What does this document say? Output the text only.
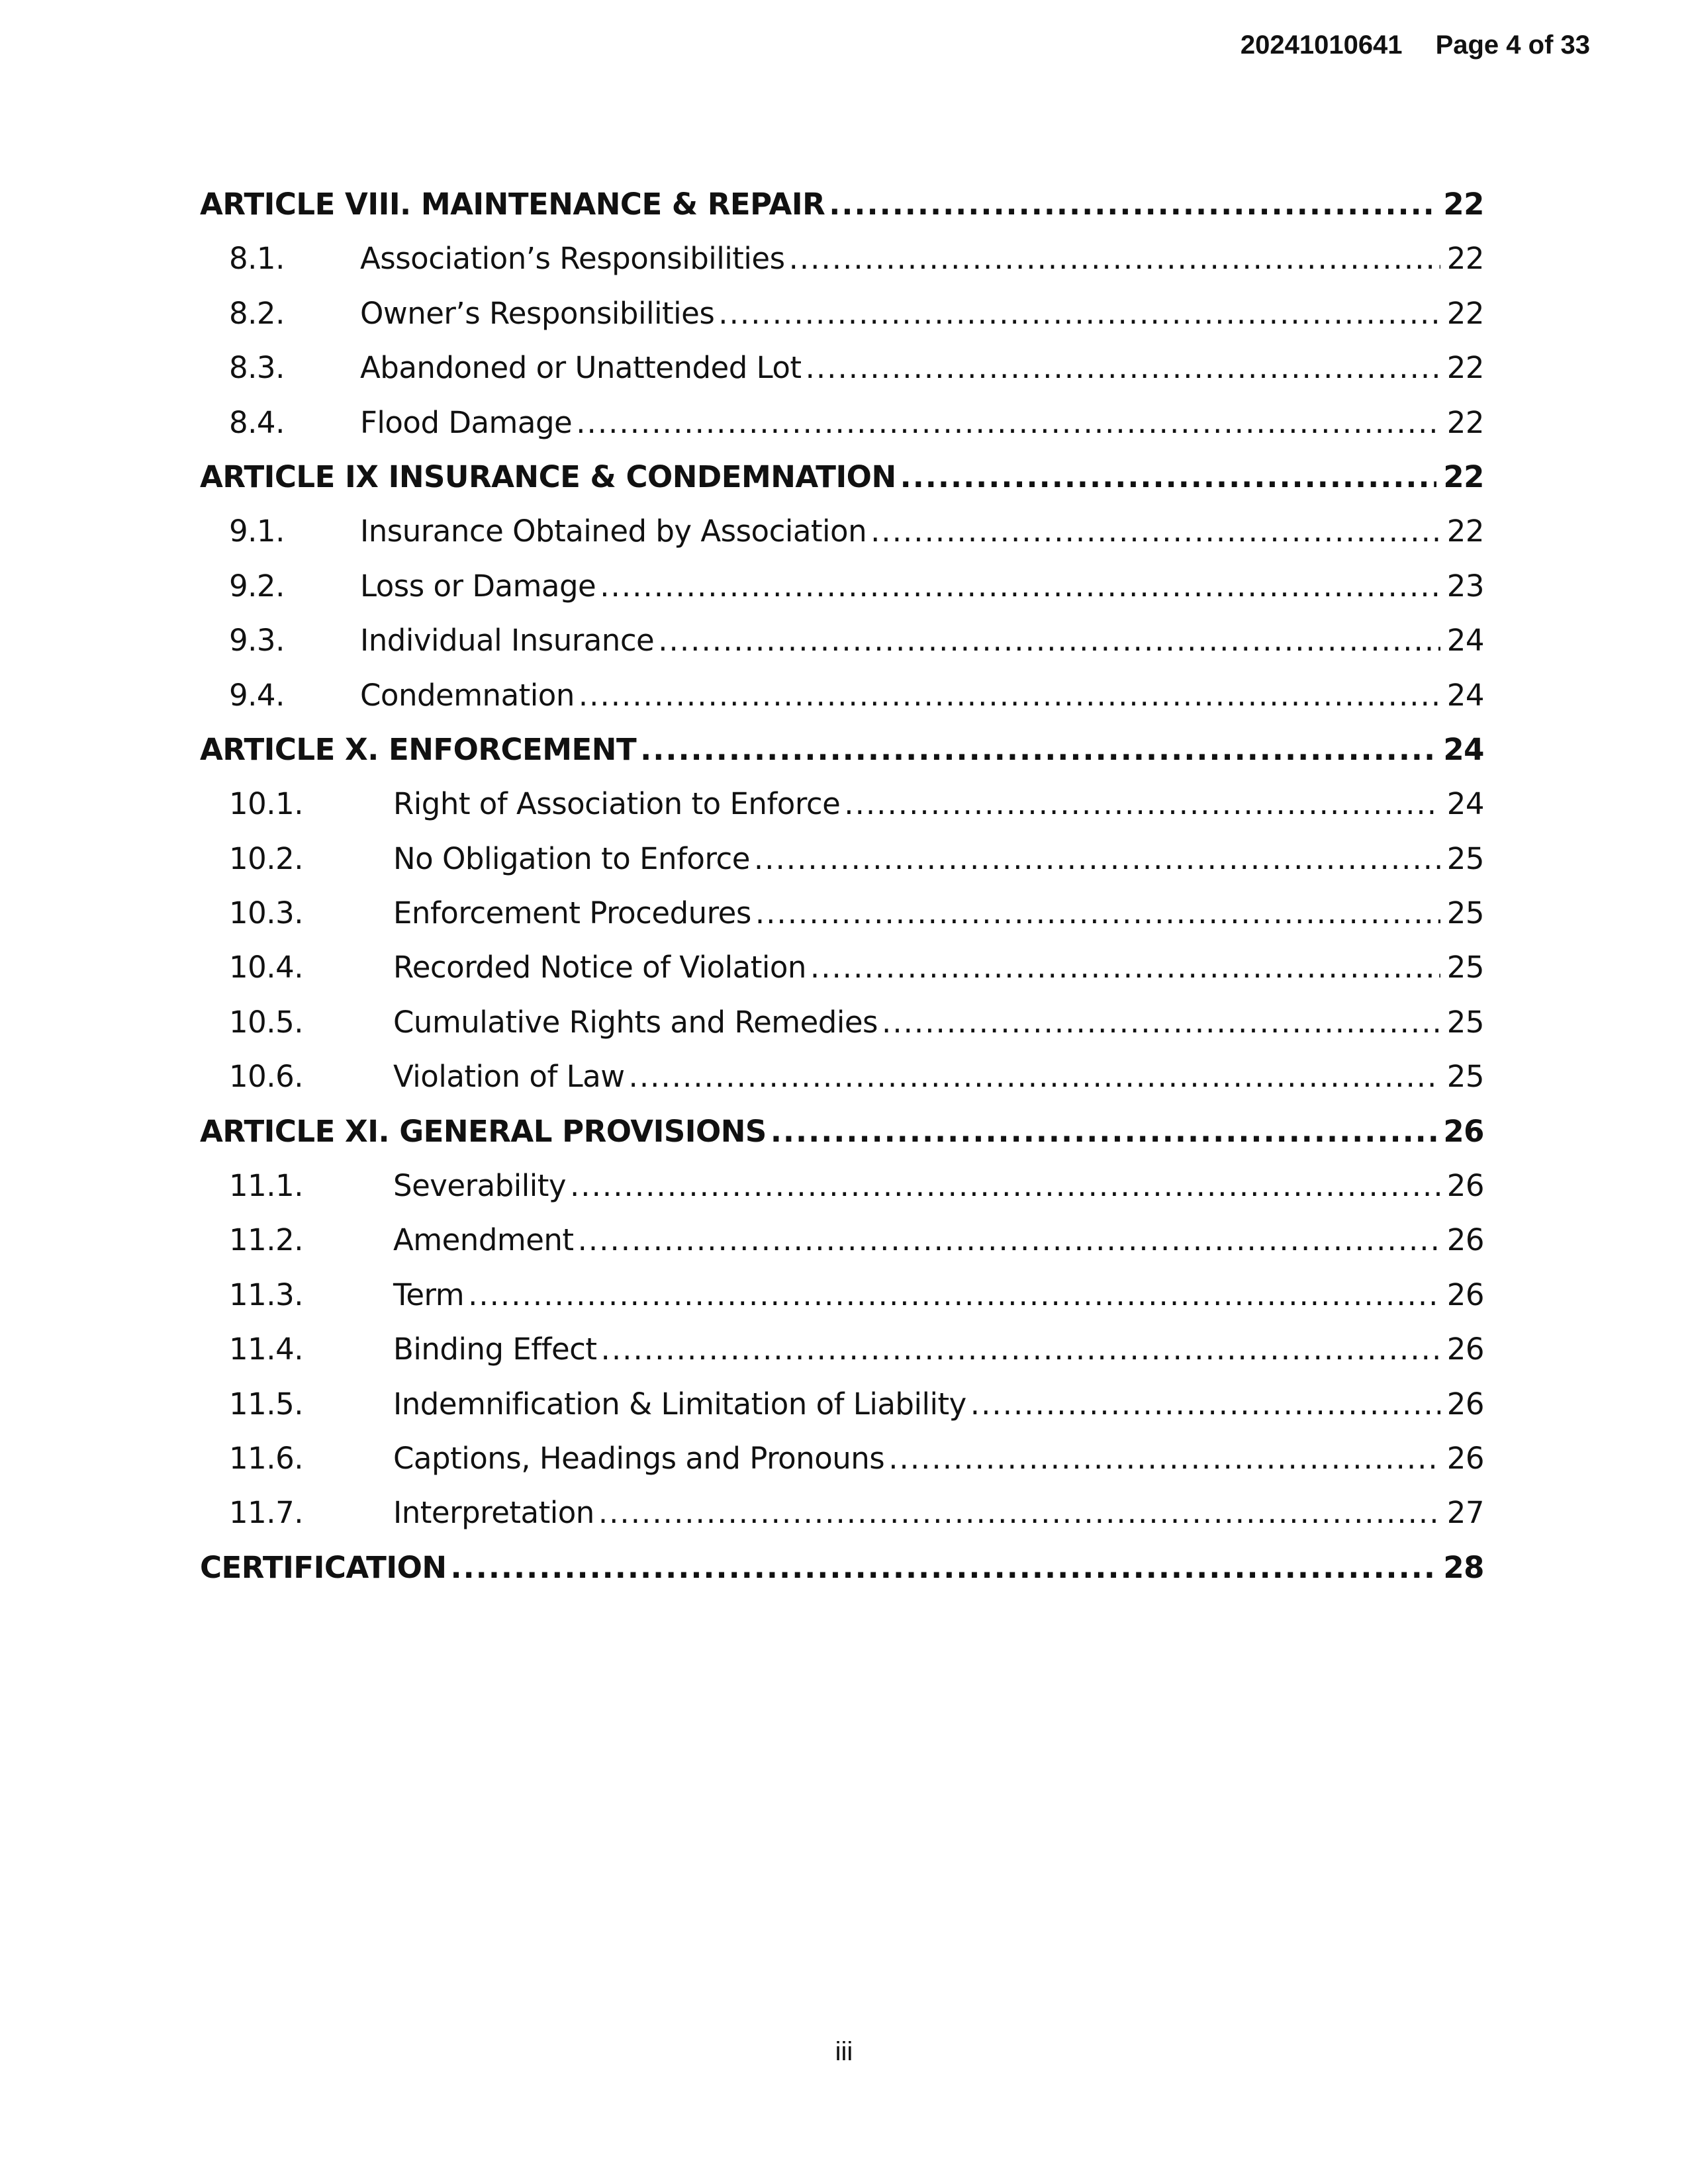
20241010641 Page 4 of 33
ARTICLE VIII. MAINTENANCE & REPAIR .....	22
8.1.	Association’s Responsibilities .....	22
8.2.	Owner’s Responsibilities .....	22
8.3.	Abandoned or Unattended Lot .....	22
8.4.	Flood Damage .....	22
ARTICLE IX INSURANCE & CONDEMNATION .....	22
9.1.	Insurance Obtained by Association .....	22
9.2.	Loss or Damage .....	23
9.3.	Individual Insurance .....	24
9.4.	Condemnation .....	24
ARTICLE X. ENFORCEMENT .....	24
10.1.	Right of Association to Enforce .....	24
10.2.	No Obligation to Enforce .....	25
10.3.	Enforcement Procedures .....	25
10.4.	Recorded Notice of Violation .....	25
10.5.	Cumulative Rights and Remedies .....	25
10.6.	Violation of Law .....	25
ARTICLE XI. GENERAL PROVISIONS .....	26
11.1.	Severability .....	26
11.2.	Amendment .....	26
11.3.	Term .....	26
11.4.	Binding Effect .....	26
11.5.	Indemnification & Limitation of Liability .....	26
11.6.	Captions, Headings and Pronouns .....	26
11.7.	Interpretation .....	27
CERTIFICATION .....	28
iii
